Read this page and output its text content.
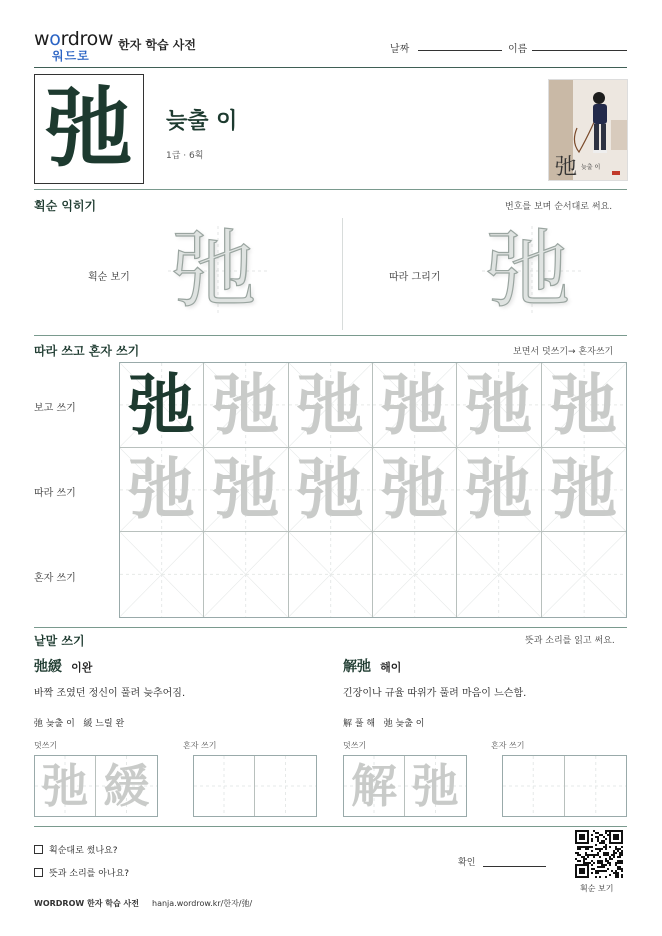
wordrow
워드로
한자 학습 사전	날짜	이름
弛 늦출 이
1급 · 6획	弛 늦출 이
획순 익히기	번호를 보며 순서대로 써요.
획순 보기 弛	따라 그리기 弛
따라 쓰고 혼자 쓰기	보면서 덧쓰기→ 혼자쓰기
보고 쓰기
따라 쓰기
혼자 쓰기
弛 弛 弛 弛 弛 弛
弛 弛 弛 弛 弛 弛
낱말 쓰기	뜻과 소리를 읽고 써요.
弛緩 이완
바짝 조였던 정신이 풀려 늦추어짐.
弛 늦출 이   緩 느릴 완
덧쓰기	혼자 쓰기
弛 緩
解弛 해이
긴장이나 규율 따위가 풀려 마음이 느슨함.
解 풀 해   弛 늦출 이
덧쓰기	혼자 쓰기
解 弛
획순대로 썼나요?
뜻과 소리를 아나요?
확인
획순 보기
WORDROW 한자 학습 사전 hanja.wordrow.kr/한자/弛/
